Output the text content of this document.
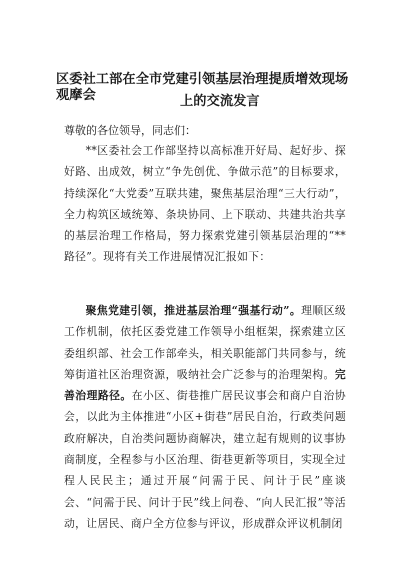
区委社工部在全市党建引领基层治理提质增效现场观摩会	上的交流发言
尊敬的各位领导，同志们：
**区委社会工作部坚持以高标准开好局、起好步、探好路、出成效，树立“争先创优、争做示范”的目标要求，持续深化“大党委”互联共建，聚焦基层治理“三大行动”，全力构筑区域统筹、条块协同、上下联动、共建共治共享的基层治理工作格局，努力探索党建引领基层治理的“**路径”。现将有关工作进展情况汇报如下：
聚焦党建引领，推进基层治理“强基行动”。理顺区级工作机制，依托区委党建工作领导小组框架，探索建立区委组织部、社会工作部牵头，相关职能部门共同参与，统筹街道社区治理资源，吸纳社会广泛参与的治理架构。完善治理路径。在小区、街巷推广居民议事会和商户自治协会，以此为主体推进“小区+街巷”居民自治，行政类问题政府解决，自治类问题协商解决，建立起有规则的议事协商制度，全程参与小区治理、街巷更新等项目，实现全过程人民民主；通过开展“问需于民、问计于民”座谈会、“问需于民、问计于民”线上问卷、“向人民汇报”等活动，让居民、商户全方位参与评议，形成群众评议机制闭
